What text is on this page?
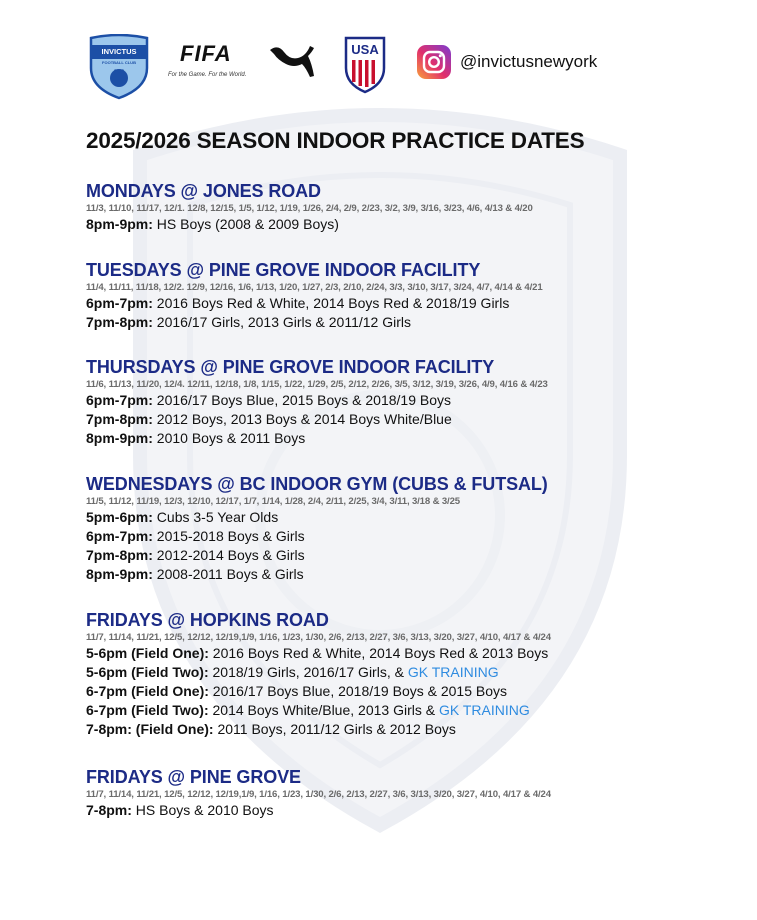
INVICTUS
FOOTBALL CLUB FIFA
For the Game. For the World.
USA
@invictusnewyork
2025/2026 SEASON INDOOR PRACTICE DATES
MONDAYS @ JONES ROAD
11/3, 11/10, 11/17, 12/1. 12/8, 12/15, 1/5, 1/12, 1/19, 1/26, 2/4, 2/9, 2/23, 3/2, 3/9, 3/16, 3/23, 4/6, 4/13 & 4/20
8pm-9pm: HS Boys (2008 & 2009 Boys)
TUESDAYS @ PINE GROVE INDOOR FACILITY
11/4, 11/11, 11/18, 12/2. 12/9, 12/16, 1/6, 1/13, 1/20, 1/27, 2/3, 2/10, 2/24, 3/3, 3/10, 3/17, 3/24, 4/7, 4/14 & 4/21
6pm-7pm: 2016 Boys Red & White, 2014 Boys Red & 2018/19 Girls
7pm-8pm: 2016/17 Girls, 2013 Girls & 2011/12 Girls
THURSDAYS @ PINE GROVE INDOOR FACILITY
11/6, 11/13, 11/20, 12/4. 12/11, 12/18, 1/8, 1/15, 1/22, 1/29, 2/5, 2/12, 2/26, 3/5, 3/12, 3/19, 3/26, 4/9, 4/16 & 4/23
6pm-7pm: 2016/17 Boys Blue, 2015 Boys & 2018/19 Boys
7pm-8pm: 2012 Boys, 2013 Boys & 2014 Boys White/Blue
8pm-9pm: 2010 Boys & 2011 Boys
WEDNESDAYS @ BC INDOOR GYM (CUBS & FUTSAL)
11/5, 11/12, 11/19, 12/3, 12/10, 12/17, 1/7, 1/14, 1/28, 2/4, 2/11, 2/25, 3/4, 3/11, 3/18 & 3/25
5pm-6pm: Cubs 3-5 Year Olds
6pm-7pm: 2015-2018 Boys & Girls
7pm-8pm: 2012-2014 Boys & Girls
8pm-9pm: 2008-2011 Boys & Girls
FRIDAYS @ HOPKINS ROAD
11/7, 11/14, 11/21, 12/5, 12/12, 12/19,1/9, 1/16, 1/23, 1/30, 2/6, 2/13, 2/27, 3/6, 3/13, 3/20, 3/27, 4/10, 4/17 & 4/24
5-6pm (Field One): 2016 Boys Red & White, 2014 Boys Red & 2013 Boys
5-6pm (Field Two): 2018/19 Girls, 2016/17 Girls, & GK TRAINING
6-7pm (Field One): 2016/17 Boys Blue, 2018/19 Boys & 2015 Boys
6-7pm (Field Two): 2014 Boys White/Blue, 2013 Girls & GK TRAINING
7-8pm: (Field One): 2011 Boys, 2011/12 Girls & 2012 Boys
FRIDAYS @ PINE GROVE
11/7, 11/14, 11/21, 12/5, 12/12, 12/19,1/9, 1/16, 1/23, 1/30, 2/6, 2/13, 2/27, 3/6, 3/13, 3/20, 3/27, 4/10, 4/17 & 4/24
7-8pm: HS Boys & 2010 Boys
